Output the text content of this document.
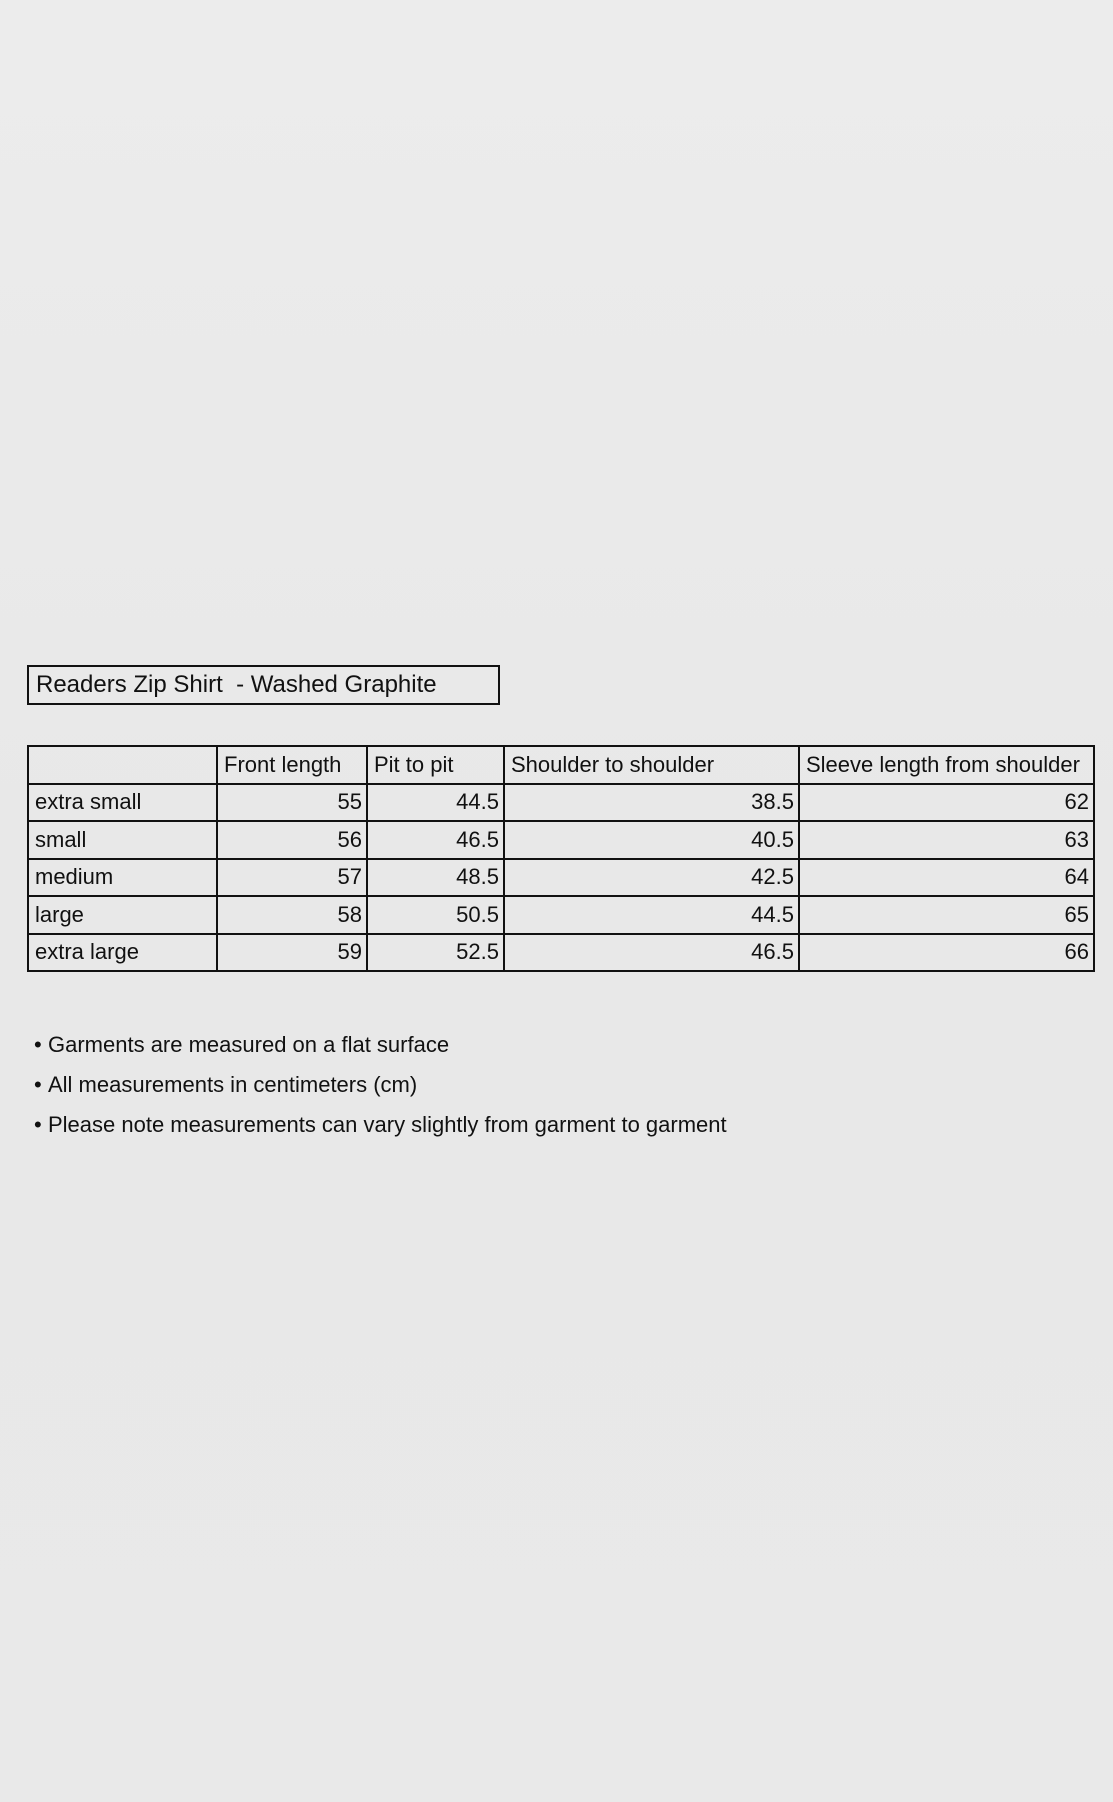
Readers Zip Shirt  - Washed Graphite
	Front length	Pit to pit	Shoulder to shoulder	Sleeve length from shoulder
extra small	55	44.5	38.5	62
small	56	46.5	40.5	63
medium	57	48.5	42.5	64
large	58	50.5	44.5	65
extra large	59	52.5	46.5	66
• Garments are measured on a flat surface
• All measurements in centimeters (cm)
• Please note measurements can vary slightly from garment to garment
